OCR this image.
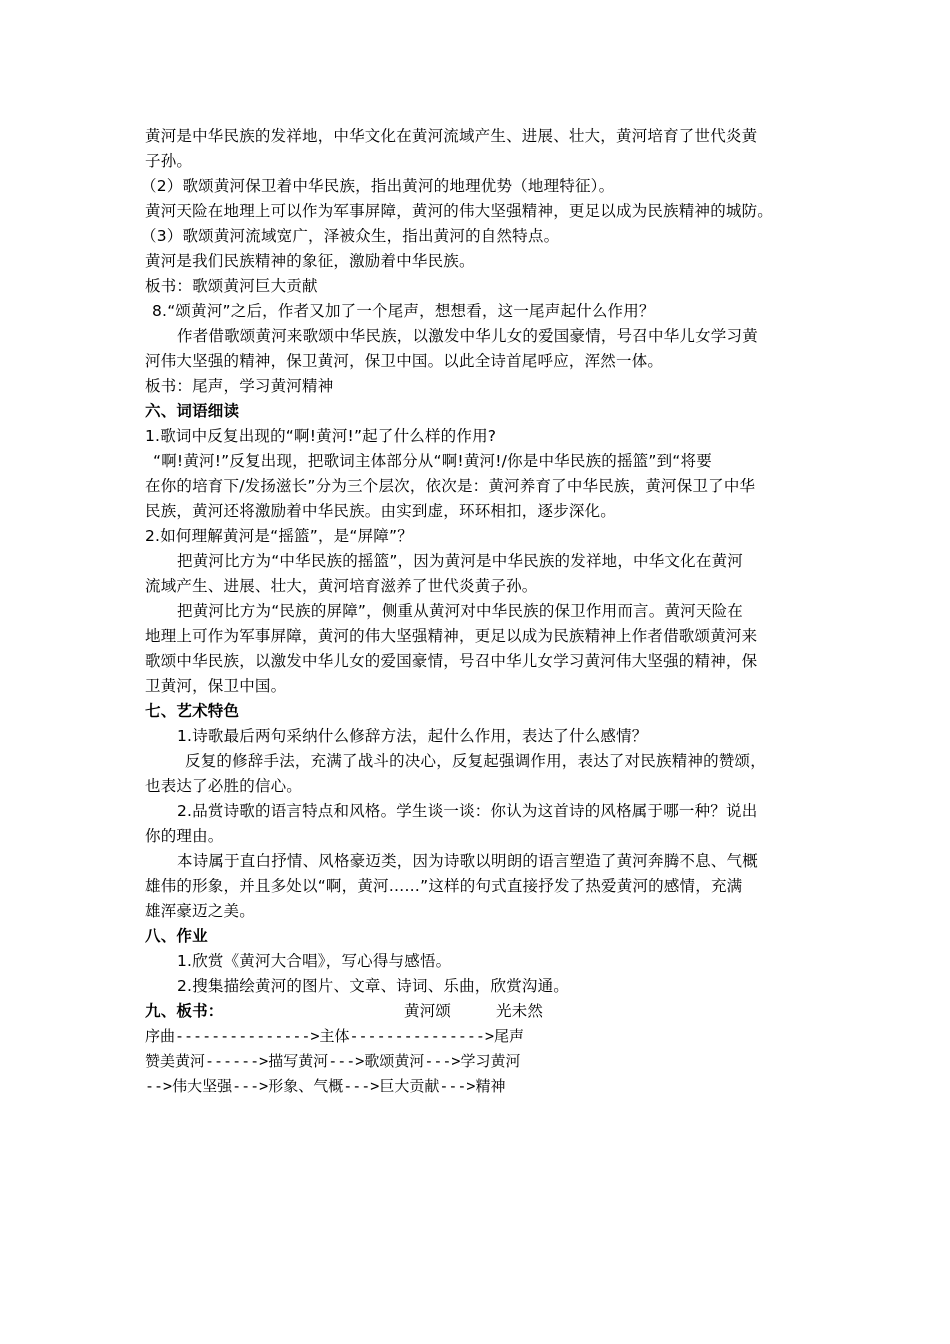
黄河是中华民族的发祥地，中华文化在黄河流域产生、进展、壮大，黄河培育了世代炎黄
子孙。
（2）歌颂黄河保卫着中华民族，指出黄河的地理优势（地理特征）。
黄河天险在地理上可以作为军事屏障，黄河的伟大坚强精神，更足以成为民族精神的城防。
（3）歌颂黄河流域宽广，泽被众生，指出黄河的自然特点。
黄河是我们民族精神的象征，激励着中华民族。
板书：歌颂黄河巨大贡献
8.“颂黄河”之后，作者又加了一个尾声，想想看，这一尾声起什么作用？
作者借歌颂黄河来歌颂中华民族，以激发中华儿女的爱国豪情，号召中华儿女学习黄
河伟大坚强的精神，保卫黄河，保卫中国。以此全诗首尾呼应，浑然一体。
板书：尾声，学习黄河精神
六、词语细读
1.歌词中反复出现的“啊!黄河!”起了什么样的作用?
“啊!黄河!”反复出现，把歌词主体部分从“啊!黄河!/你是中华民族的摇篮”到“将要
在你的培育下/发扬滋长”分为三个层次，依次是：黄河养育了中华民族，黄河保卫了中华
民族，黄河还将激励着中华民族。由实到虚，环环相扣，逐步深化。
2.如何理解黄河是“摇篮”，是“屏障”？
把黄河比方为“中华民族的摇篮”，因为黄河是中华民族的发祥地，中华文化在黄河
流域产生、进展、壮大，黄河培育滋养了世代炎黄子孙。
把黄河比方为“民族的屏障”，侧重从黄河对中华民族的保卫作用而言。黄河天险在
地理上可作为军事屏障，黄河的伟大坚强精神，更足以成为民族精神上作者借歌颂黄河来
歌颂中华民族，以激发中华儿女的爱国豪情，号召中华儿女学习黄河伟大坚强的精神，保
卫黄河，保卫中国。
七、艺术特色
1.诗歌最后两句采纳什么修辞方法，起什么作用，表达了什么感情？
反复的修辞手法，充满了战斗的决心，反复起强调作用，表达了对民族精神的赞颂，
也表达了必胜的信心。
2.品赏诗歌的语言特点和风格。学生谈一谈：你认为这首诗的风格属于哪一种？说出
你的理由。
本诗属于直白抒情、风格豪迈类，因为诗歌以明朗的语言塑造了黄河奔腾不息、气概
雄伟的形象，并且多处以“啊，黄河……”这样的句式直接抒发了热爱黄河的感情，充满
雄浑豪迈之美。
八、作业
1.欣赏《黄河大合唱》，写心得与感悟。
2.搜集描绘黄河的图片、文章、诗词、乐曲，欣赏沟通。
九、板书：	黄河颂	光未然
序曲--------------->主体--------------->尾声
赞美黄河------>描写黄河--->歌颂黄河--->学习黄河
-->伟大坚强--->形象、气概--->巨大贡献--->精神
